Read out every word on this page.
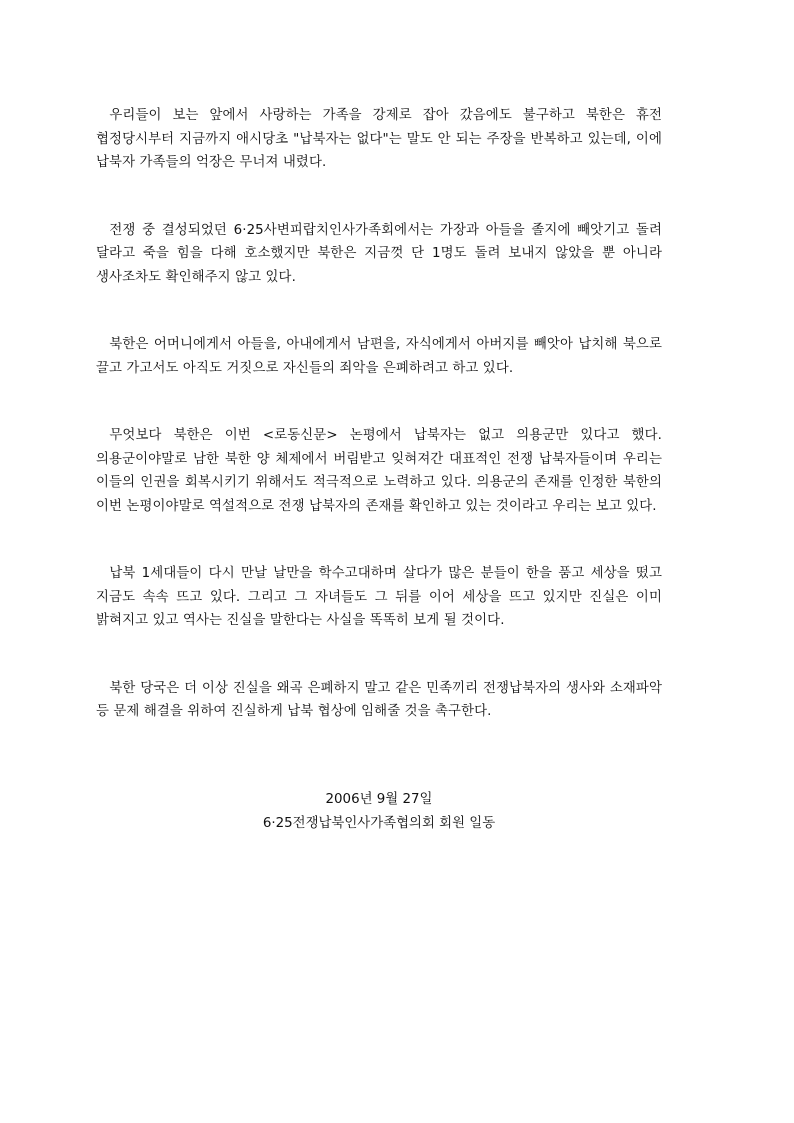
우리들이 보는 앞에서 사랑하는 가족을 강제로 잡아 갔음에도 불구하고 북한은 휴전 협정당시부터 지금까지 애시당초 "납북자는 없다"는 말도 안 되는 주장을 반복하고 있는데, 이에 납북자 가족들의 억장은 무너져 내렸다.

전쟁 중 결성되었던 6·25사변피랍치인사가족회에서는 가장과 아들을 졸지에 빼앗기고 돌려 달라고 죽을 힘을 다해 호소했지만 북한은 지금껏 단 1명도 돌려 보내지 않았을 뿐 아니라 생사조차도 확인해주지 않고 있다.

북한은 어머니에게서 아들을, 아내에게서 남편을, 자식에게서 아버지를 빼앗아 납치해 북으로 끌고 가고서도 아직도 거짓으로 자신들의 죄악을 은폐하려고 하고 있다.

무엇보다 북한은 이번 <로동신문> 논평에서 납북자는 없고 의용군만 있다고 했다. 의용군이야말로 남한 북한 양 체제에서 버림받고 잊혀져간 대표적인 전쟁 납북자들이며 우리는 이들의 인권을 회복시키기 위해서도 적극적으로 노력하고 있다. 의용군의 존재를 인정한 북한의 이번 논평이야말로 역설적으로 전쟁 납북자의 존재를 확인하고 있는 것이라고 우리는 보고 있다.

납북 1세대들이 다시 만날 날만을 학수고대하며 살다가 많은 분들이 한을 품고 세상을 떴고 지금도 속속 뜨고 있다. 그리고 그 자녀들도 그 뒤를 이어 세상을 뜨고 있지만 진실은 이미 밝혀지고 있고 역사는 진실을 말한다는 사실을 똑똑히 보게 될 것이다.

북한 당국은 더 이상 진실을 왜곡 은폐하지 말고 같은 민족끼리 전쟁납북자의 생사와 소재파악 등 문제 해결을 위하여 진실하게 납북 협상에 임해줄 것을 촉구한다.

2006년 9월 27일
6·25전쟁납북인사가족협의회 회원 일동
